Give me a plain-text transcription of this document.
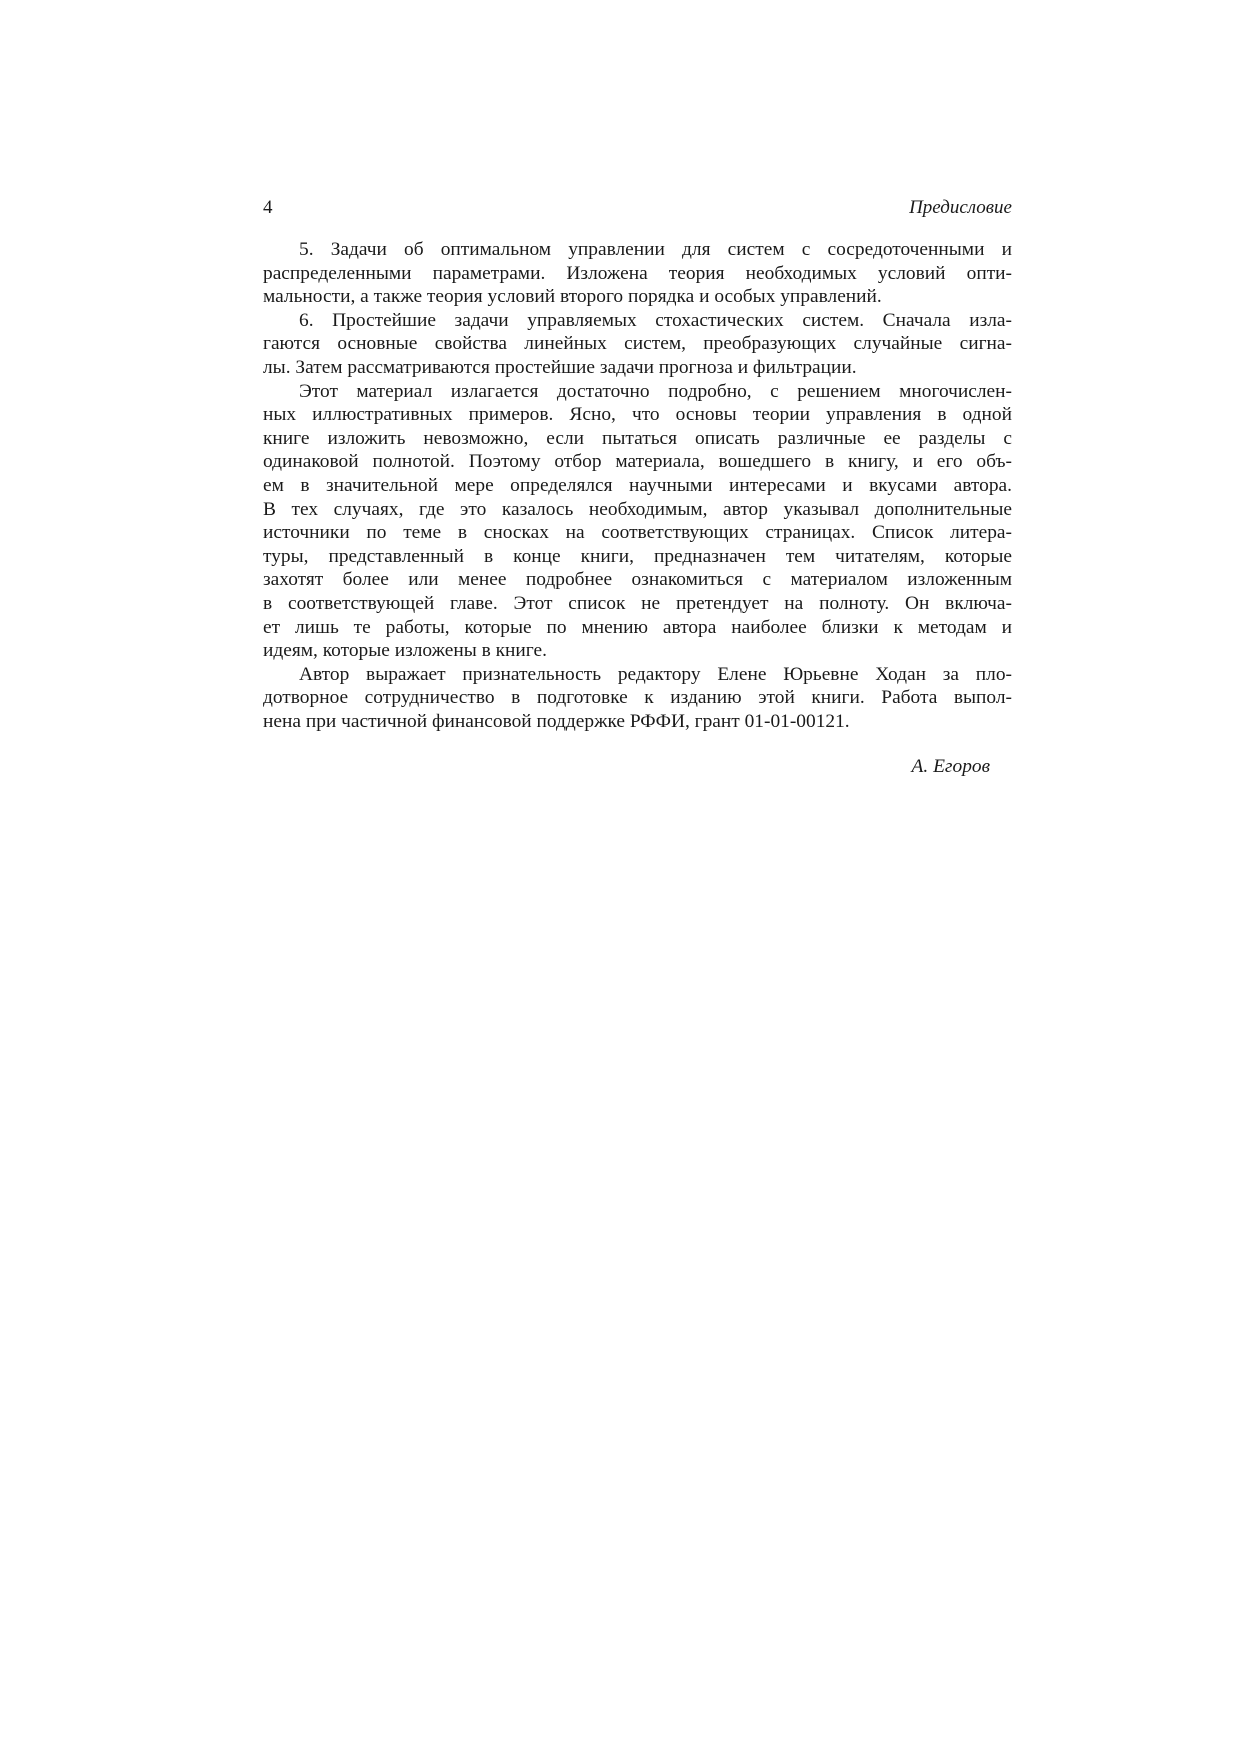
4	Предисловие

5. Задачи об оптимальном управлении для систем с сосредоточенными и
распределенными параметрами. Изложена теория необходимых условий опти-
мальности, а также теория условий второго порядка и особых управлений.

6. Простейшие задачи управляемых стохастических систем. Сначала изла-
гаются основные свойства линейных систем, преобразующих случайные сигна-
лы. Затем рассматриваются простейшие задачи прогноза и фильтрации.

Этот материал излагается достаточно подробно, с решением многочислен-
ных иллюстративных примеров. Ясно, что основы теории управления в одной
книге изложить невозможно, если пытаться описать различные ее разделы с
одинаковой полнотой. Поэтому отбор материала, вошедшего в книгу, и его объ-
ем в значительной мере определялся научными интересами и вкусами автора.
В тех случаях, где это казалось необходимым, автор указывал дополнительные
источники по теме в сносках на соответствующих страницах. Список литера-
туры, представленный в конце книги, предназначен тем читателям, которые
захотят более или менее подробнее ознакомиться с материалом изложенным
в соответствующей главе. Этот список не претендует на полноту. Он включа-
ет лишь те работы, которые по мнению автора наиболее близки к методам и
идеям, которые изложены в книге.

Автор выражает признательность редактору Елене Юрьевне Ходан за пло-
дотворное сотрудничество в подготовке к изданию этой книги. Работа выпол-
нена при частичной финансовой поддержке РФФИ, грант 01-01-00121.

А. Егоров
